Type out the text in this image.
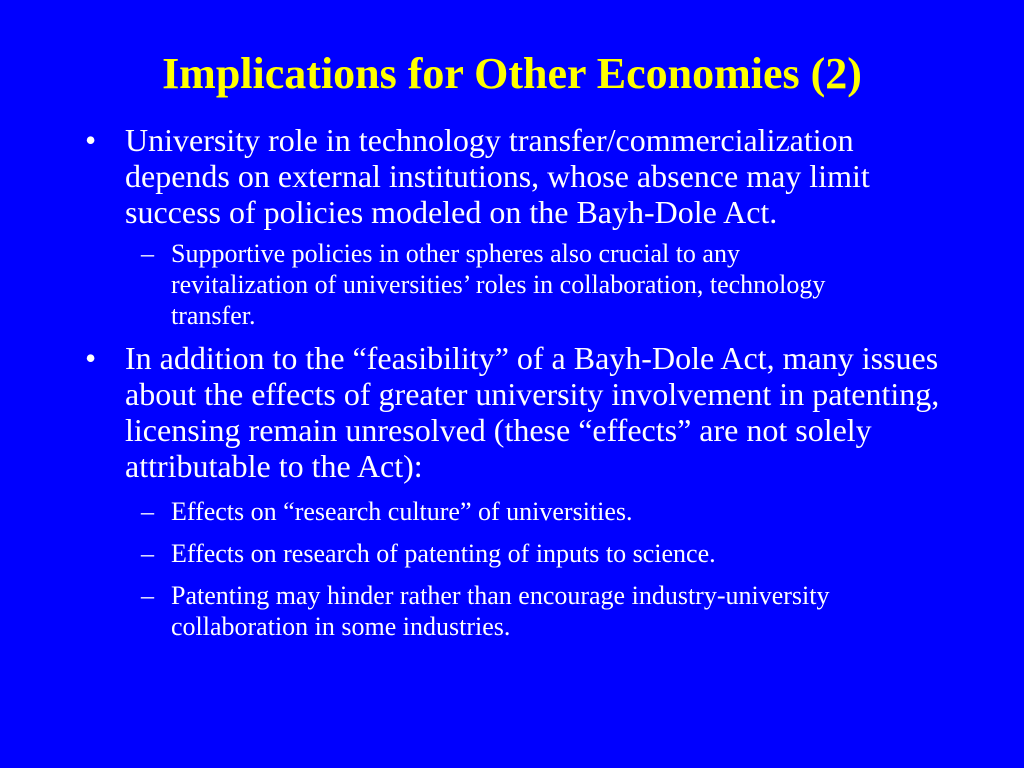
Implications for Other Economies (2)
• University role in technology transfer/commercialization depends on external institutions, whose absence may limit success of policies modeled on the Bayh-Dole Act.
– Supportive policies in other spheres also crucial to any revitalization of universities’ roles in collaboration, technology transfer.
• In addition to the “feasibility” of a Bayh-Dole Act, many issues about the effects of greater university involvement in patenting, licensing remain unresolved (these “effects” are not solely attributable to the Act):
– Effects on “research culture” of universities.
– Effects on research of patenting of inputs to science.
– Patenting may hinder rather than encourage industry-university collaboration in some industries.
